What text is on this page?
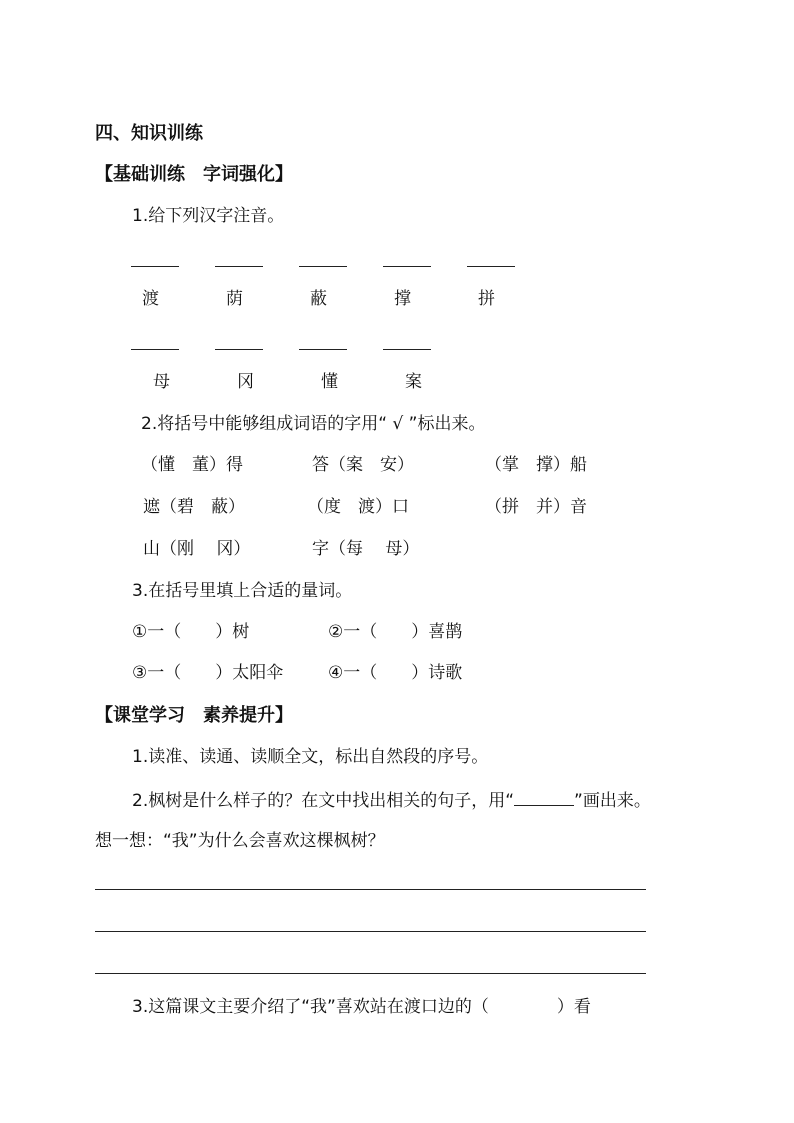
四、知识训练
【基础训练　字词强化】
1.给下列汉字注音。
渡	荫	蔽	撑	拼
母	冈	懂	案
2.将括号中能够组成词语的字用“ √ ”标出来。
（懂　董）得	答（案　安）	（掌　撑）船
遮（碧　蔽）	（度　渡）口	（拼　并）音
山（刚　 冈）	字（每　 母）
3.在括号里填上合适的量词。
①一（　　）树	②一（　　）喜鹊
③一（　　）太阳伞	④一（　　）诗歌
【课堂学习　素养提升】
1.读准、读通、读顺全文，标出自然段的序号。
2.枫树是什么样子的？在文中找出相关的句子，用“	”画出来。
想一想：“我”为什么会喜欢这棵枫树？
3.这篇课文主要介绍了“我”喜欢站在渡口边的（　　　　）看
